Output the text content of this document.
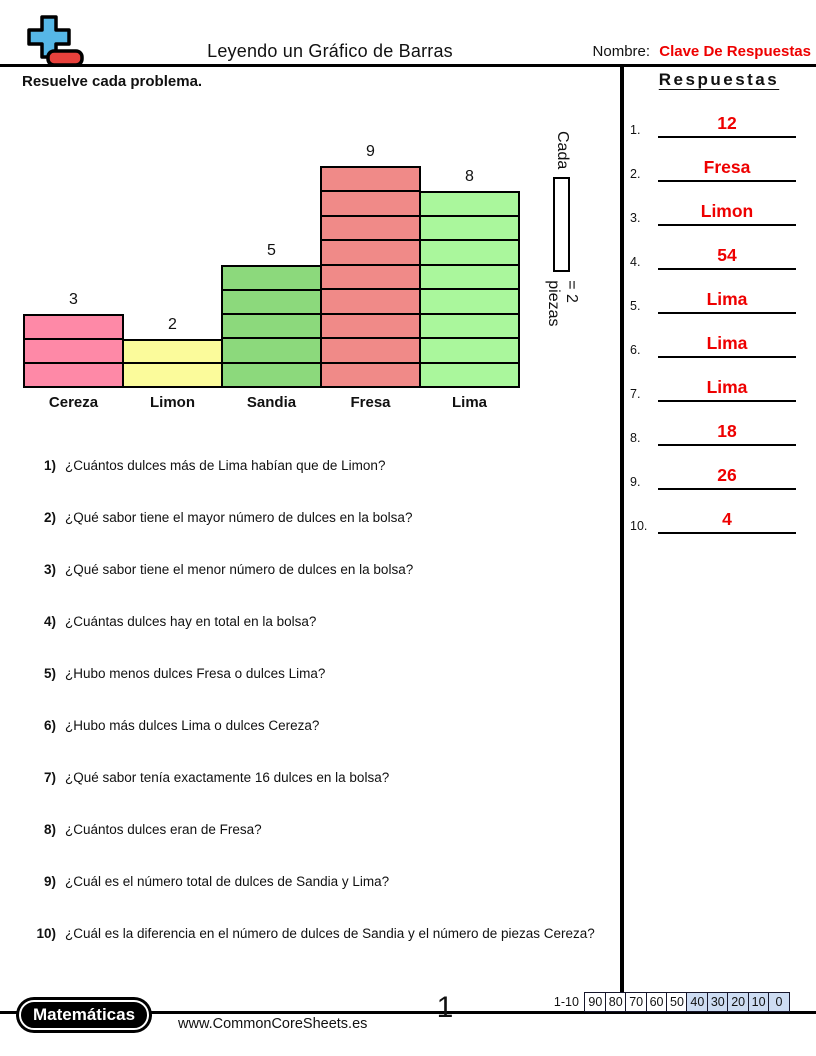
Leyendo un Gráfico de Barras	Nombre: Clave De Respuestas
Resuelve cada problema.
3
Cereza
2
Limon
5
Sandia
9
Fresa
8
Lima
Cada
= 2 piezas
1) ¿Cuántos dulces más de Lima habían que de Limon?
2) ¿Qué sabor tiene el mayor número de dulces en la bolsa?
3) ¿Qué sabor tiene el menor número de dulces en la bolsa?
4) ¿Cuántas dulces hay en total en la bolsa?
5) ¿Hubo menos dulces Fresa o dulces Lima?
6) ¿Hubo más dulces Lima o dulces Cereza?
7) ¿Qué sabor tenía exactamente 16 dulces en la bolsa?
8) ¿Cuántos dulces eran de Fresa?
9) ¿Cuál es el número total de dulces de Sandia y Lima?
10) ¿Cuál es la diferencia en el número de dulces de Sandia y el número de piezas Cereza?
Respuestas
1.	12
2.	Fresa
3.	Limon
4.	54
5.	Lima
6.	Lima
7.	Lima
8.	18
9.	26
10.	4
Matemáticas	www.CommonCoreSheets.es	1	1-10 90 80 70 60 50 40 30 20 10 0
